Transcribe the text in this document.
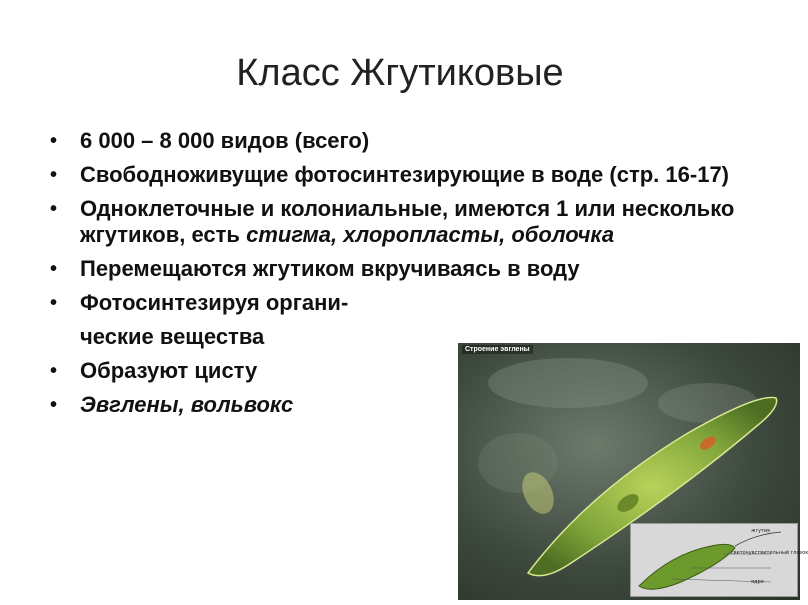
Класс Жгутиковые
• 6 000 – 8 000 видов (всего)
• Свободноживущие фотосинтезирующие в воде (стр. 16-17)
• Одноклеточные и колониальные, имеются 1 или несколько жгутиков, есть стигма, хлоропласты, оболочка
• Перемещаются жгутиком вкручиваясь в воду
• Фотосинтезируя органи-
ческие вещества
• Образуют цисту
• Эвглены, вольвокс
Строение эвглены
жгутик
светочувствительный глазок
ядро
